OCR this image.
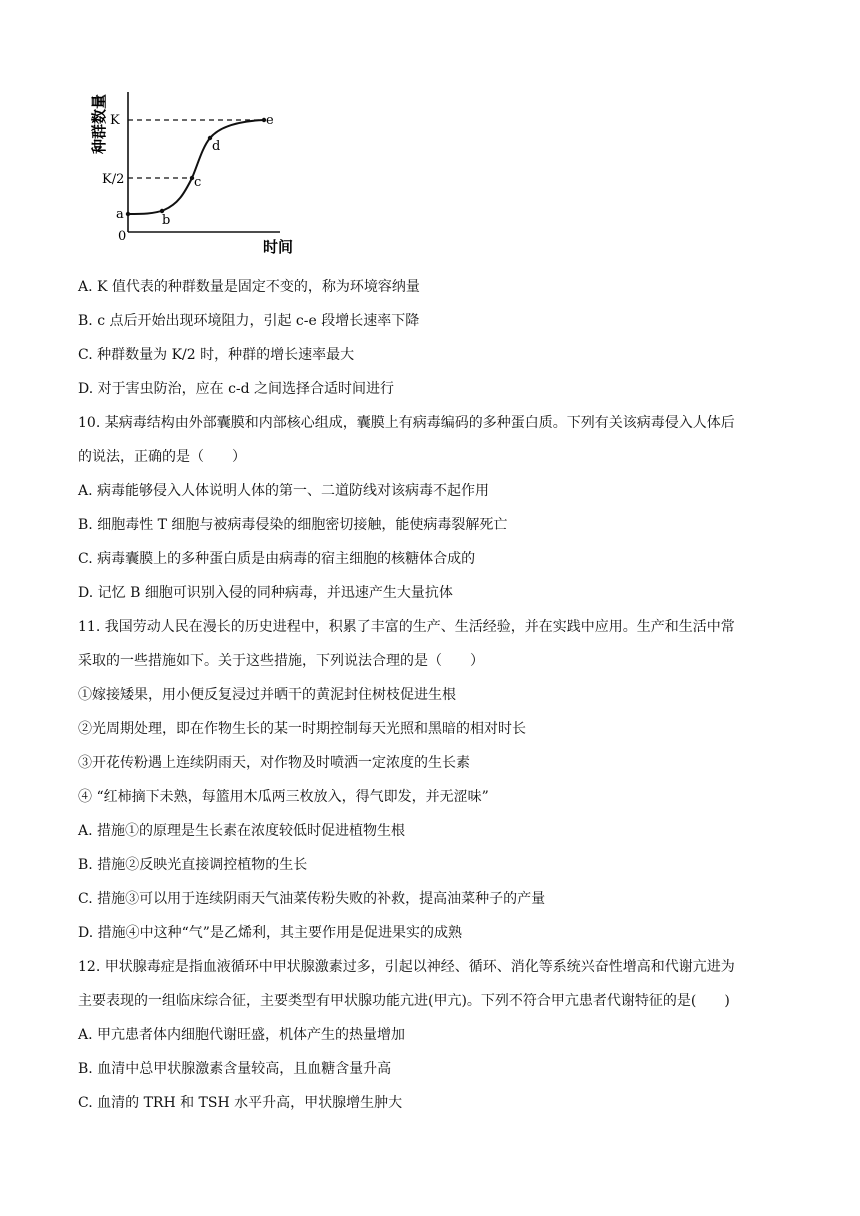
0
K
K/2
a	b
c
d
e
时间
种群数量
A. K 值代表的种群数量是固定不变的，称为环境容纳量
B. c 点后开始出现环境阻力，引起 c-e 段增长速率下降
C. 种群数量为 K/2 时，种群的增长速率最大
D. 对于害虫防治，应在 c-d 之间选择合适时间进行
10. 某病毒结构由外部囊膜和内部核心组成，囊膜上有病毒编码的多种蛋白质。下列有关该病毒侵入人体后
的说法，正确的是（　　）
A. 病毒能够侵入人体说明人体的第一、二道防线对该病毒不起作用
B. 细胞毒性 T 细胞与被病毒侵染的细胞密切接触，能使病毒裂解死亡
C. 病毒囊膜上的多种蛋白质是由病毒的宿主细胞的核糖体合成的
D. 记忆 B 细胞可识别入侵的同种病毒，并迅速产生大量抗体
11. 我国劳动人民在漫长的历史进程中，积累了丰富的生产、生活经验，并在实践中应用。生产和生活中常
采取的一些措施如下。关于这些措施，下列说法合理的是（　　）
①嫁接矮果，用小便反复浸过并晒干的黄泥封住树枝促进生根
②光周期处理，即在作物生长的某一时期控制每天光照和黑暗的相对时长
③开花传粉遇上连续阴雨天，对作物及时喷洒一定浓度的生长素
④ “红柿摘下未熟，每篮用木瓜两三枚放入，得气即发，并无涩味”
A. 措施①的原理是生长素在浓度较低时促进植物生根
B. 措施②反映光直接调控植物的生长
C. 措施③可以用于连续阴雨天气油菜传粉失败的补救，提高油菜种子的产量
D. 措施④中这种“气”是乙烯利，其主要作用是促进果实的成熟
12. 甲状腺毒症是指血液循环中甲状腺激素过多，引起以神经、循环、消化等系统兴奋性增高和代谢亢进为
主要表现的一组临床综合征，主要类型有甲状腺功能亢进(甲亢)。下列不符合甲亢患者代谢特征的是(　　)
A. 甲亢患者体内细胞代谢旺盛，机体产生的热量增加
B. 血清中总甲状腺激素含量较高，且血糖含量升高
C. 血清的 TRH 和 TSH 水平升高，甲状腺增生肿大
